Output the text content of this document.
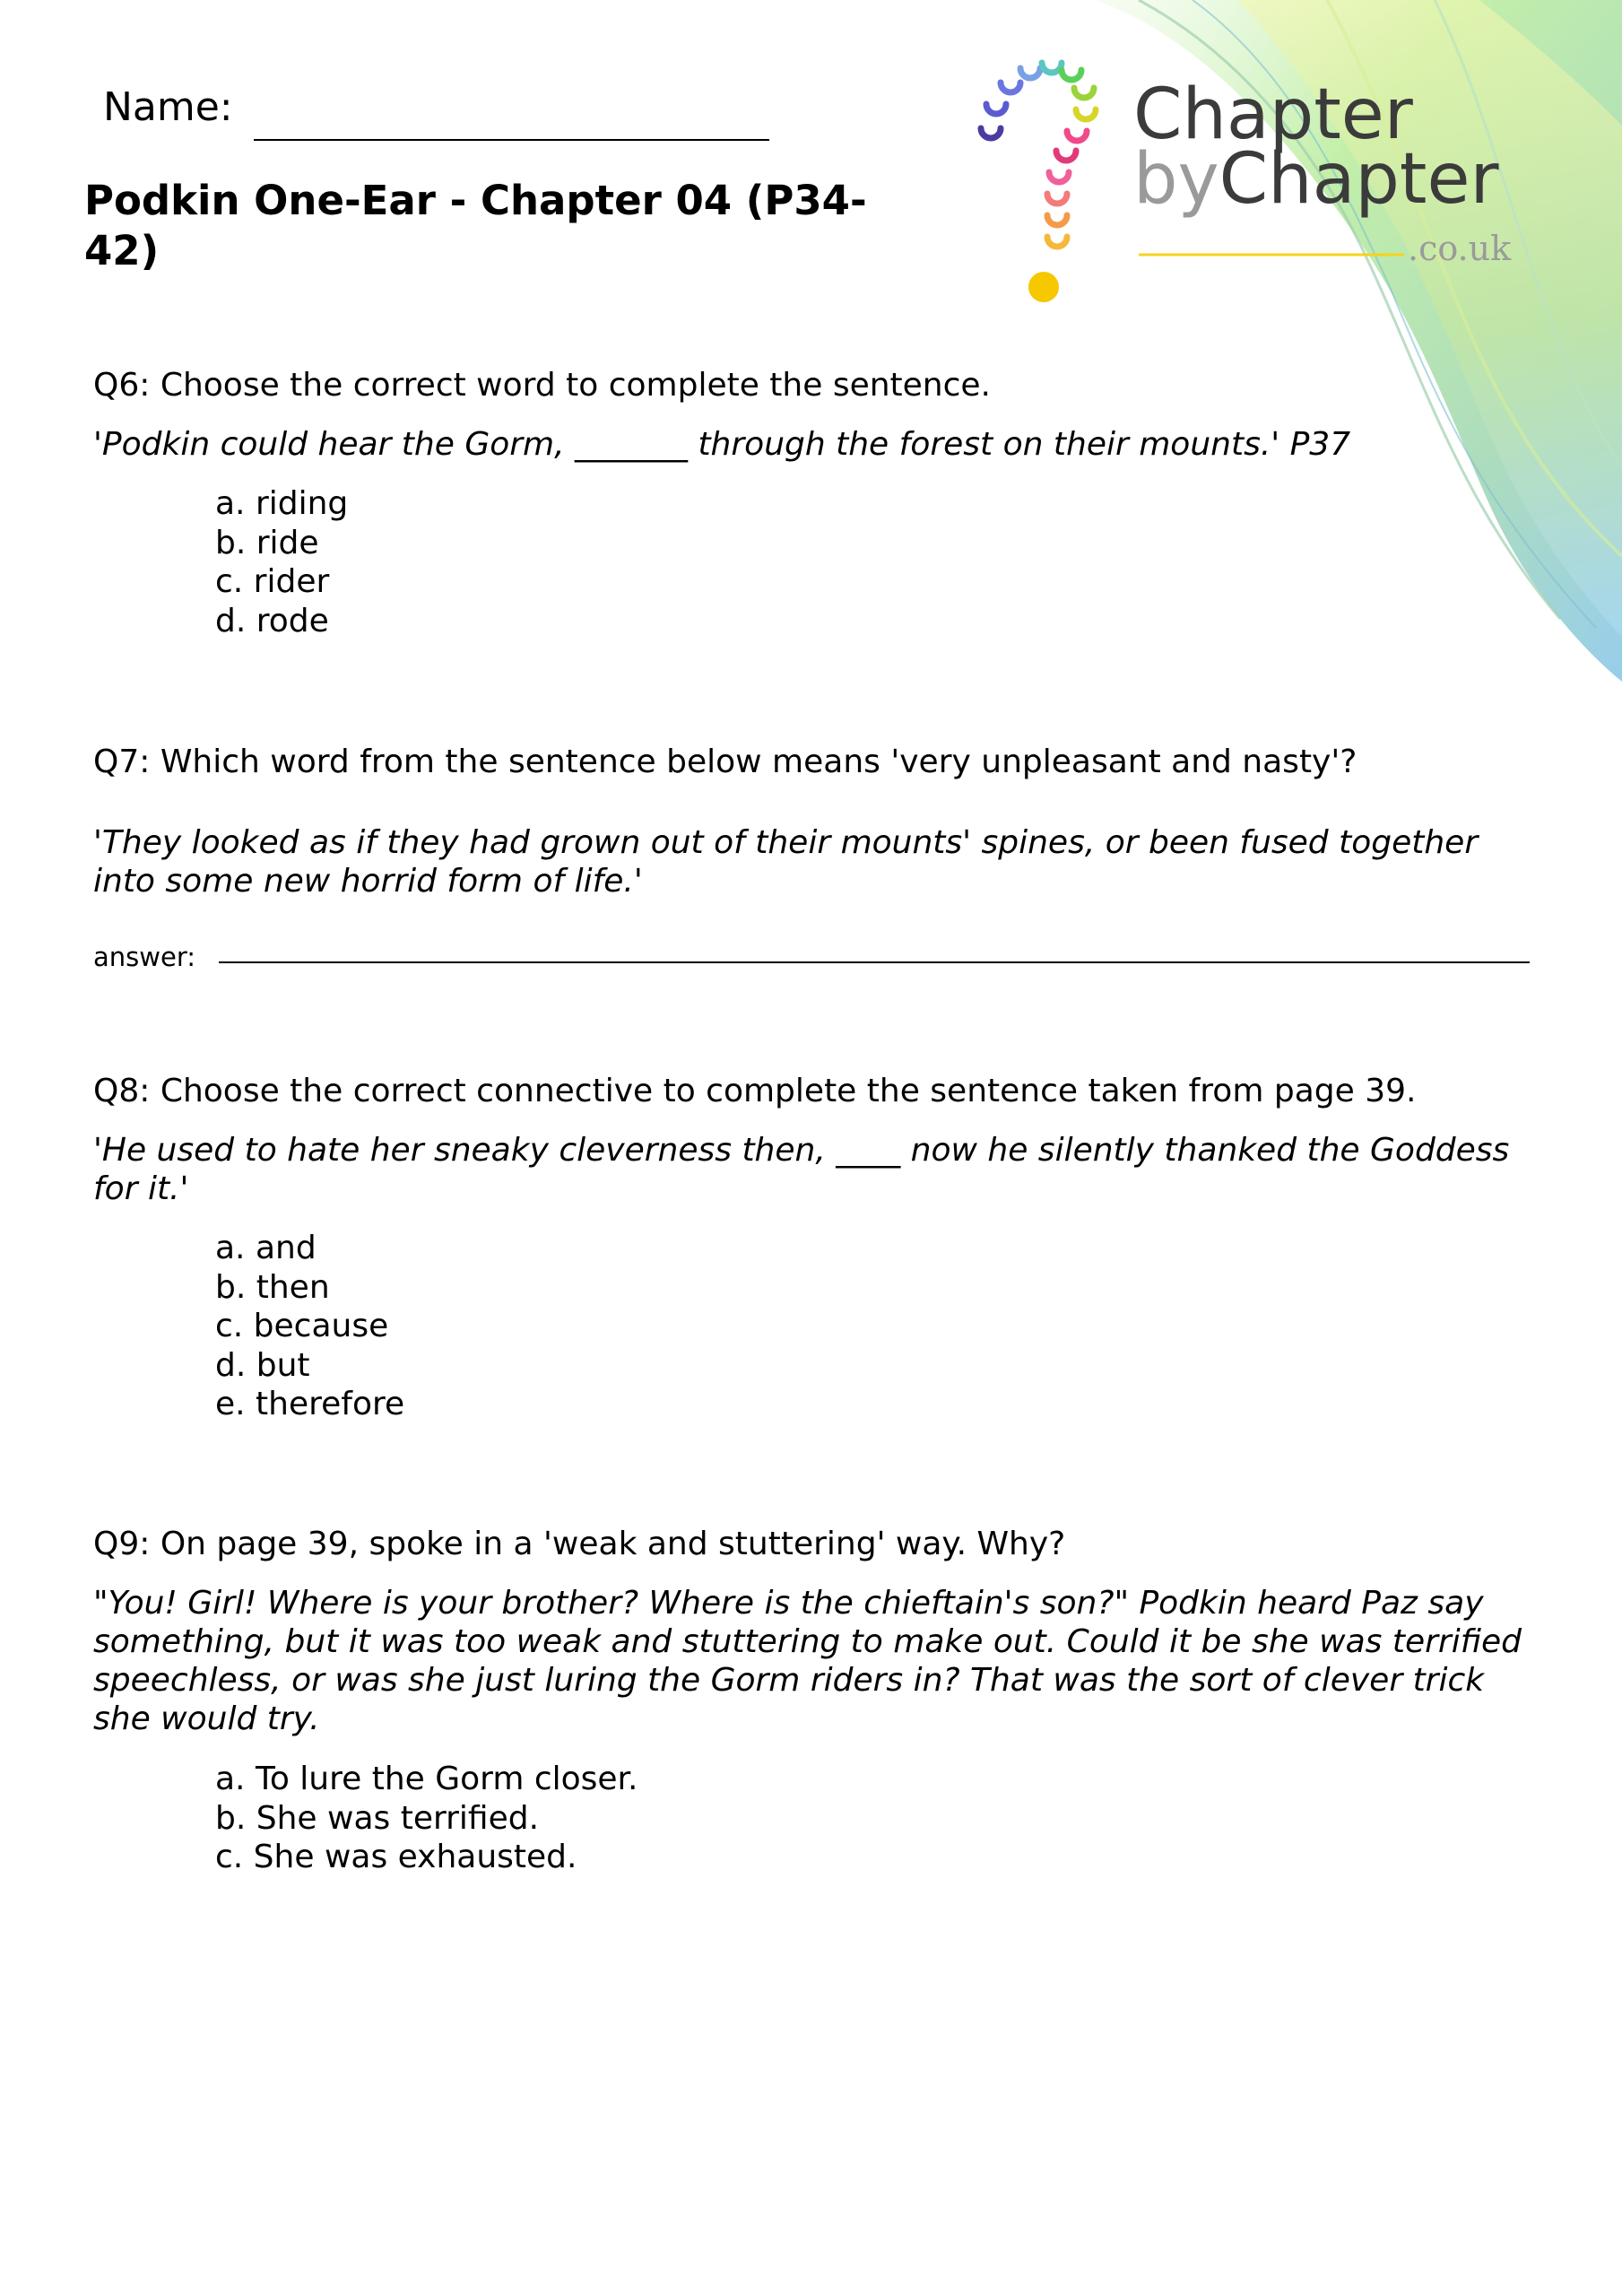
Name:
Podkin One-Ear - Chapter 04 (P34-42)
Chapter
byChapter
.co.uk
Q6: Choose the correct word to complete the sentence.
'Podkin could hear the Gorm, _______ through the forest on their mounts.' P37
a. riding
b. ride
c. rider
d. rode
Q7: Which word from the sentence below means 'very unpleasant and nasty'?
'They looked as if they had grown out of their mounts' spines, or been fused together into some new horrid form of life.'
answer:
Q8: Choose the correct connective to complete the sentence taken from page 39.
'He used to hate her sneaky cleverness then, ____ now he silently thanked the Goddess for it.'
a. and
b. then
c. because
d. but
e. therefore
Q9: On page 39, spoke in a 'weak and stuttering' way. Why?
"You! Girl! Where is your brother? Where is the chieftain's son?" Podkin heard Paz say something, but it was too weak and stuttering to make out. Could it be she was terrified speechless, or was she just luring the Gorm riders in? That was the sort of clever trick she would try.
a. To lure the Gorm closer.
b. She was terrified.
c. She was exhausted.
